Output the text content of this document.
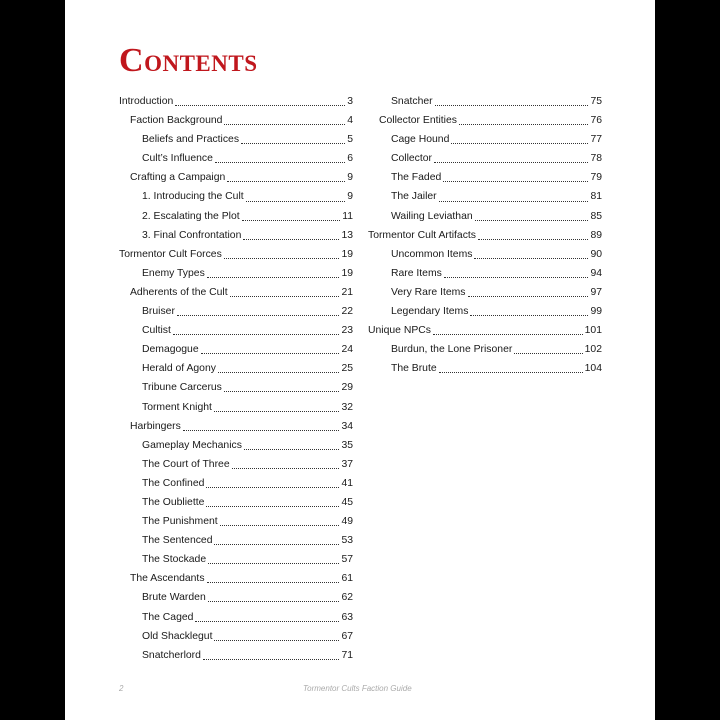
CONTENTS
Introduction	3
Faction Background	4
Beliefs and Practices	5
Cult’s Influence	6
Crafting a Campaign	9
1. Introducing the Cult	9
2. Escalating the Plot	11
3. Final Confrontation	13
Tormentor Cult Forces	19
Enemy Types	19
Adherents of the Cult	21
Bruiser	22
Cultist	23
Demagogue	24
Herald of Agony	25
Tribune Carcerus	29
Torment Knight	32
Harbingers	34
Gameplay Mechanics	35
The Court of Three	37
The Confined	41
The Oubliette	45
The Punishment	49
The Sentenced	53
The Stockade	57
The Ascendants	61
Brute Warden	62
The Caged	63
Old Shacklegut	67
Snatcherlord	71
Snatcher	75
Collector Entities	76
Cage Hound	77
Collector	78
The Faded	79
The Jailer	81
Wailing Leviathan	85
Tormentor Cult Artifacts	89
Uncommon Items	90
Rare Items	94
Very Rare Items	97
Legendary Items	99
Unique NPCs	101
Burdun, the Lone Prisoner	102
The Brute	104
2	Tormentor Cults Faction Guide
